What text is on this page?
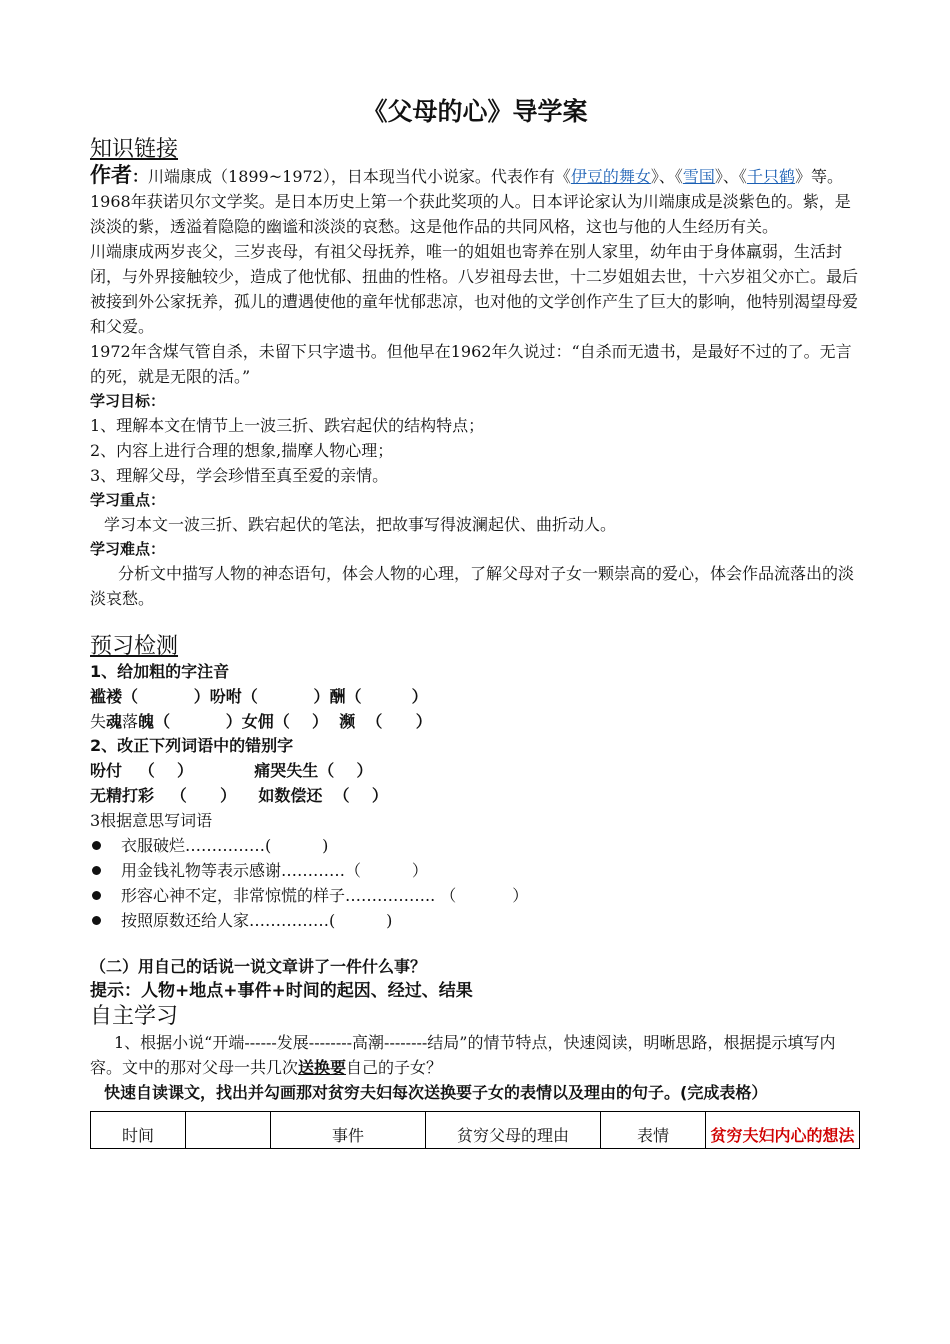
《父母的心》导学案
知识链接

作者：川端康成（1899~1972），日本现当代小说家。代表作有《伊豆的舞女》、《雪国》、《千只鹤》等。1968年获诺贝尔文学奖。是日本历史上第一个获此奖项的人。日本评论家认为川端康成是淡紫色的。紫，是淡淡的紫，透溢着隐隐的幽谧和淡淡的哀愁。这是他作品的共同风格，这也与他的人生经历有关。

川端康成两岁丧父，三岁丧母，有祖父母抚养，唯一的姐姐也寄养在别人家里，幼年由于身体羸弱，生活封闭，与外界接触较少，造成了他忧郁、扭曲的性格。八岁祖母去世，十二岁姐姐去世，十六岁祖父亦亡。最后被接到外公家抚养，孤儿的遭遇使他的童年忧郁悲凉，也对他的文学创作产生了巨大的影响，他特别渴望母爱和父爱。

1972年含煤气管自杀，未留下只字遗书。但他早在1962年久说过：“自杀而无遗书，是最好不过的了。无言的死，就是无限的活。”

学习目标：

1、理解本文在情节上一波三折、跌宕起伏的结构特点；

2、内容上进行合理的想象,揣摩人物心理；

3、理解父母，学会珍惜至真至爱的亲情。

学习重点：

学习本文一波三折、跌宕起伏的笔法，把故事写得波澜起伏、曲折动人。

学习难点：

分析文中描写人物的神态语句，体会人物的心理，了解父母对子女一颗崇高的爱心，体会作品流落出的淡淡哀愁。

预习检测
1、给加粗的字注音

褴褛（          ）吩咐（          ）酬（         ）

失魂落魄（          ）女佣（    ）  濒  （      ）

2、改正下列词语中的错别字

吩付   （    ）           痛哭失生（    ）

无精打彩   （      ）    如数偿还  （    ）

3根据意思写词语

衣服破烂……………(          )
用金钱礼物等表示感谢…………（          ）
形容心神不定，非常惊慌的样子…………….. （           ）
按照原数还给人家……………(          )
（二）用自己的话说一说文章讲了一件什么事？
提示：人物+地点+事件+时间的起因、经过、结果
自主学习

1、根据小说“开端------发展--------高潮--------结局”的情节特点，快速阅读，明晰思路，根据提示填写内容。文中的那对父母一共几次送换要自己的子女？

快速自读课文，找出并勾画那对贫穷夫妇每次送换要子女的表情以及理由的句子。(完成表格）

时间		事件	贫穷父母的理由	表情	贫穷夫妇内心的想法
